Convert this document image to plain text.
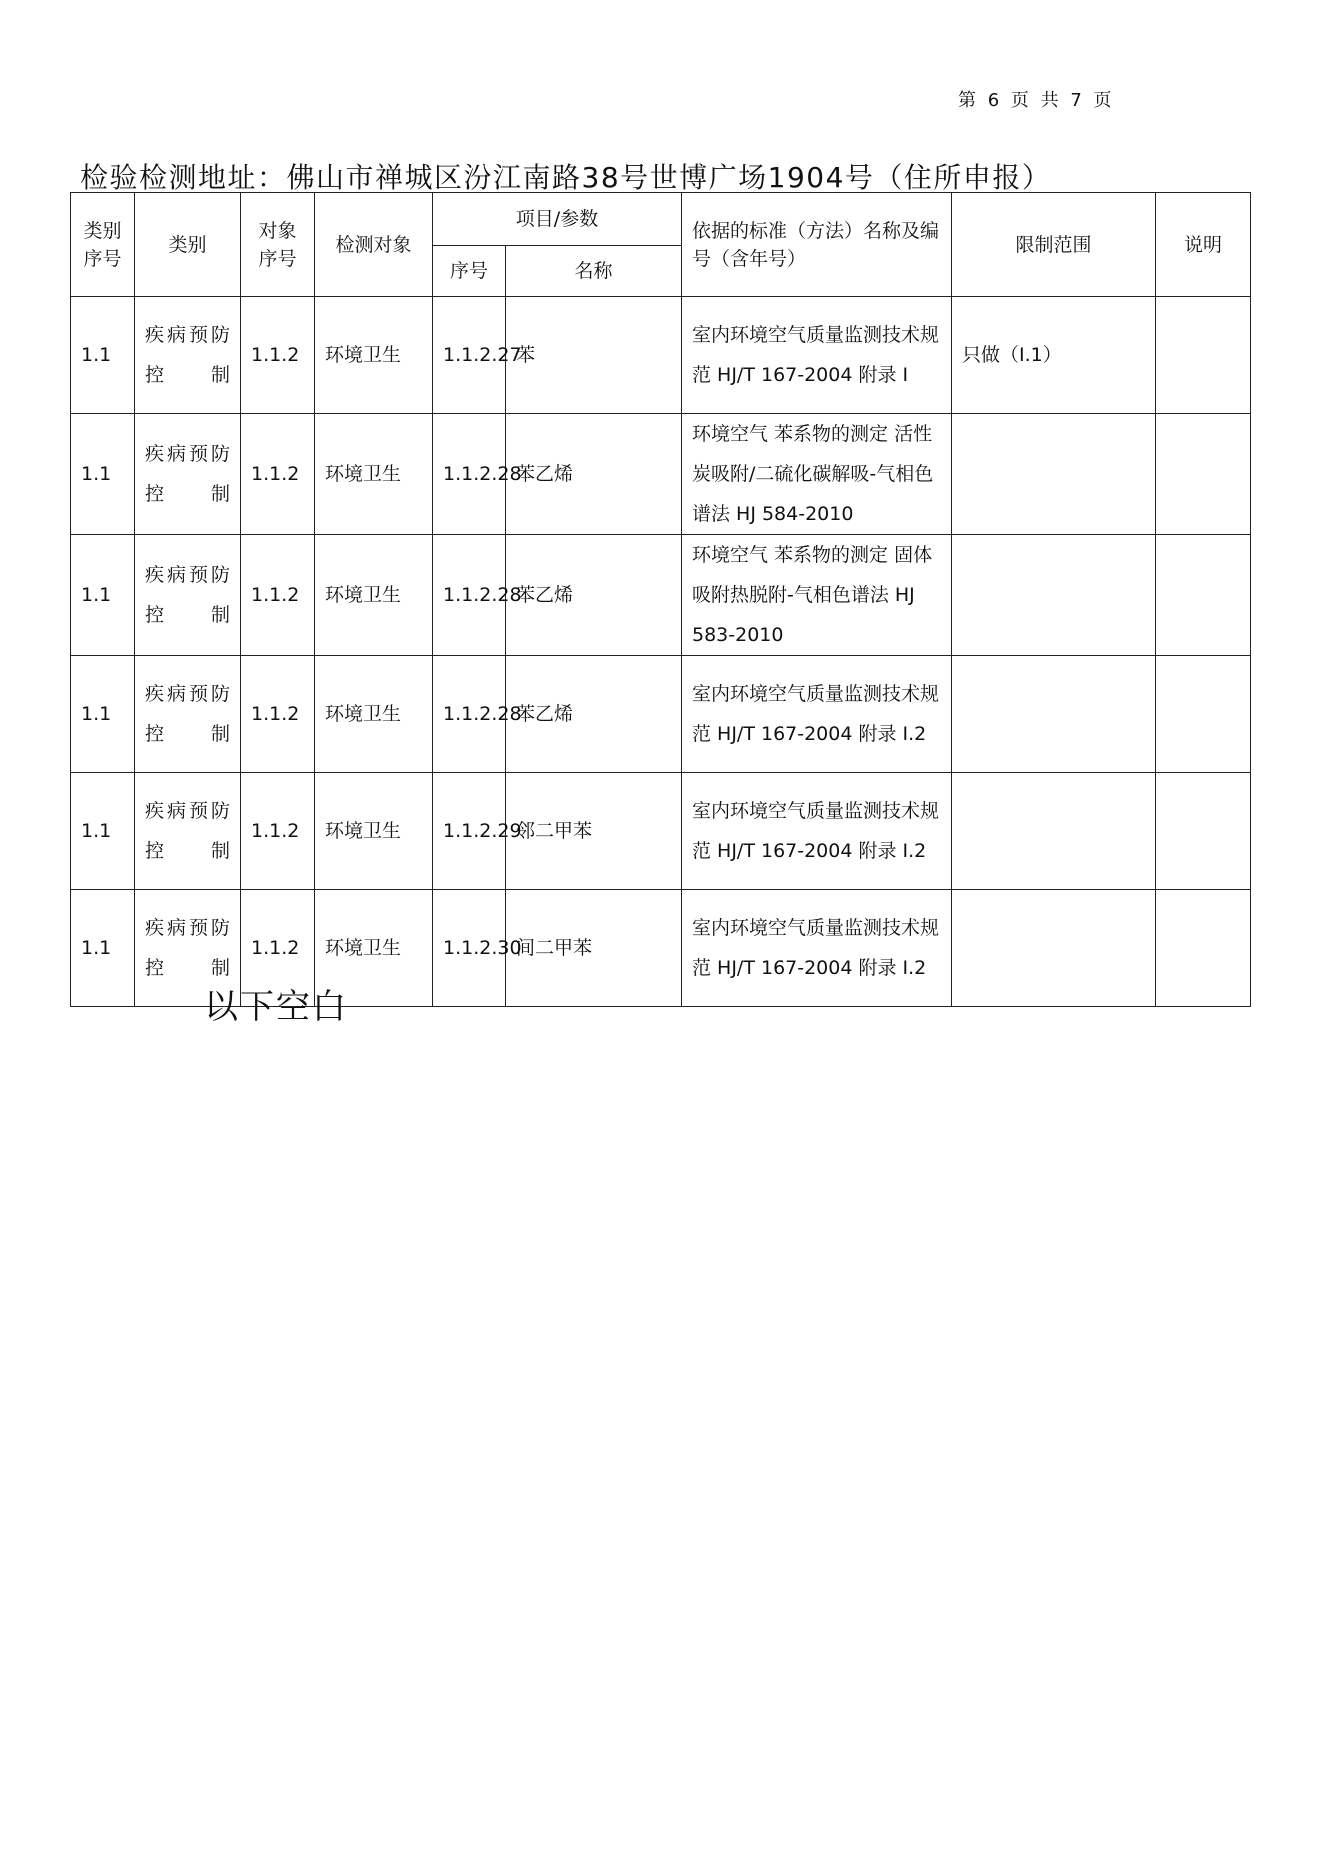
第 6 页 共 7 页
检验检测地址：佛山市禅城区汾江南路38号世博广场1904号（住所申报）
类别序号	类别	对象序号	检测对象	项目/参数		依据的标准（方法）名称及编号（含年号）	限制范围	说明
				序号	名称			
1.1	疾病预防控制	1.1.2	环境卫生	1.1.2.27	苯	室内环境空气质量监测技术规范 HJ/T 167-2004 附录 I	只做（I.1）	
1.1	疾病预防控制	1.1.2	环境卫生	1.1.2.28	苯乙烯	环境空气 苯系物的测定 活性炭吸附/二硫化碳解吸-气相色谱法 HJ 584-2010		
1.1	疾病预防控制	1.1.2	环境卫生	1.1.2.28	苯乙烯	环境空气 苯系物的测定 固体吸附热脱附-气相色谱法 HJ 583-2010		
1.1	疾病预防控制	1.1.2	环境卫生	1.1.2.28	苯乙烯	室内环境空气质量监测技术规范 HJ/T 167-2004 附录 I.2		
1.1	疾病预防控制	1.1.2	环境卫生	1.1.2.29	邻二甲苯	室内环境空气质量监测技术规范 HJ/T 167-2004 附录 I.2		
1.1	疾病预防控制	1.1.2	环境卫生	1.1.2.30	间二甲苯	室内环境空气质量监测技术规范 HJ/T 167-2004 附录 I.2		
以下空白
